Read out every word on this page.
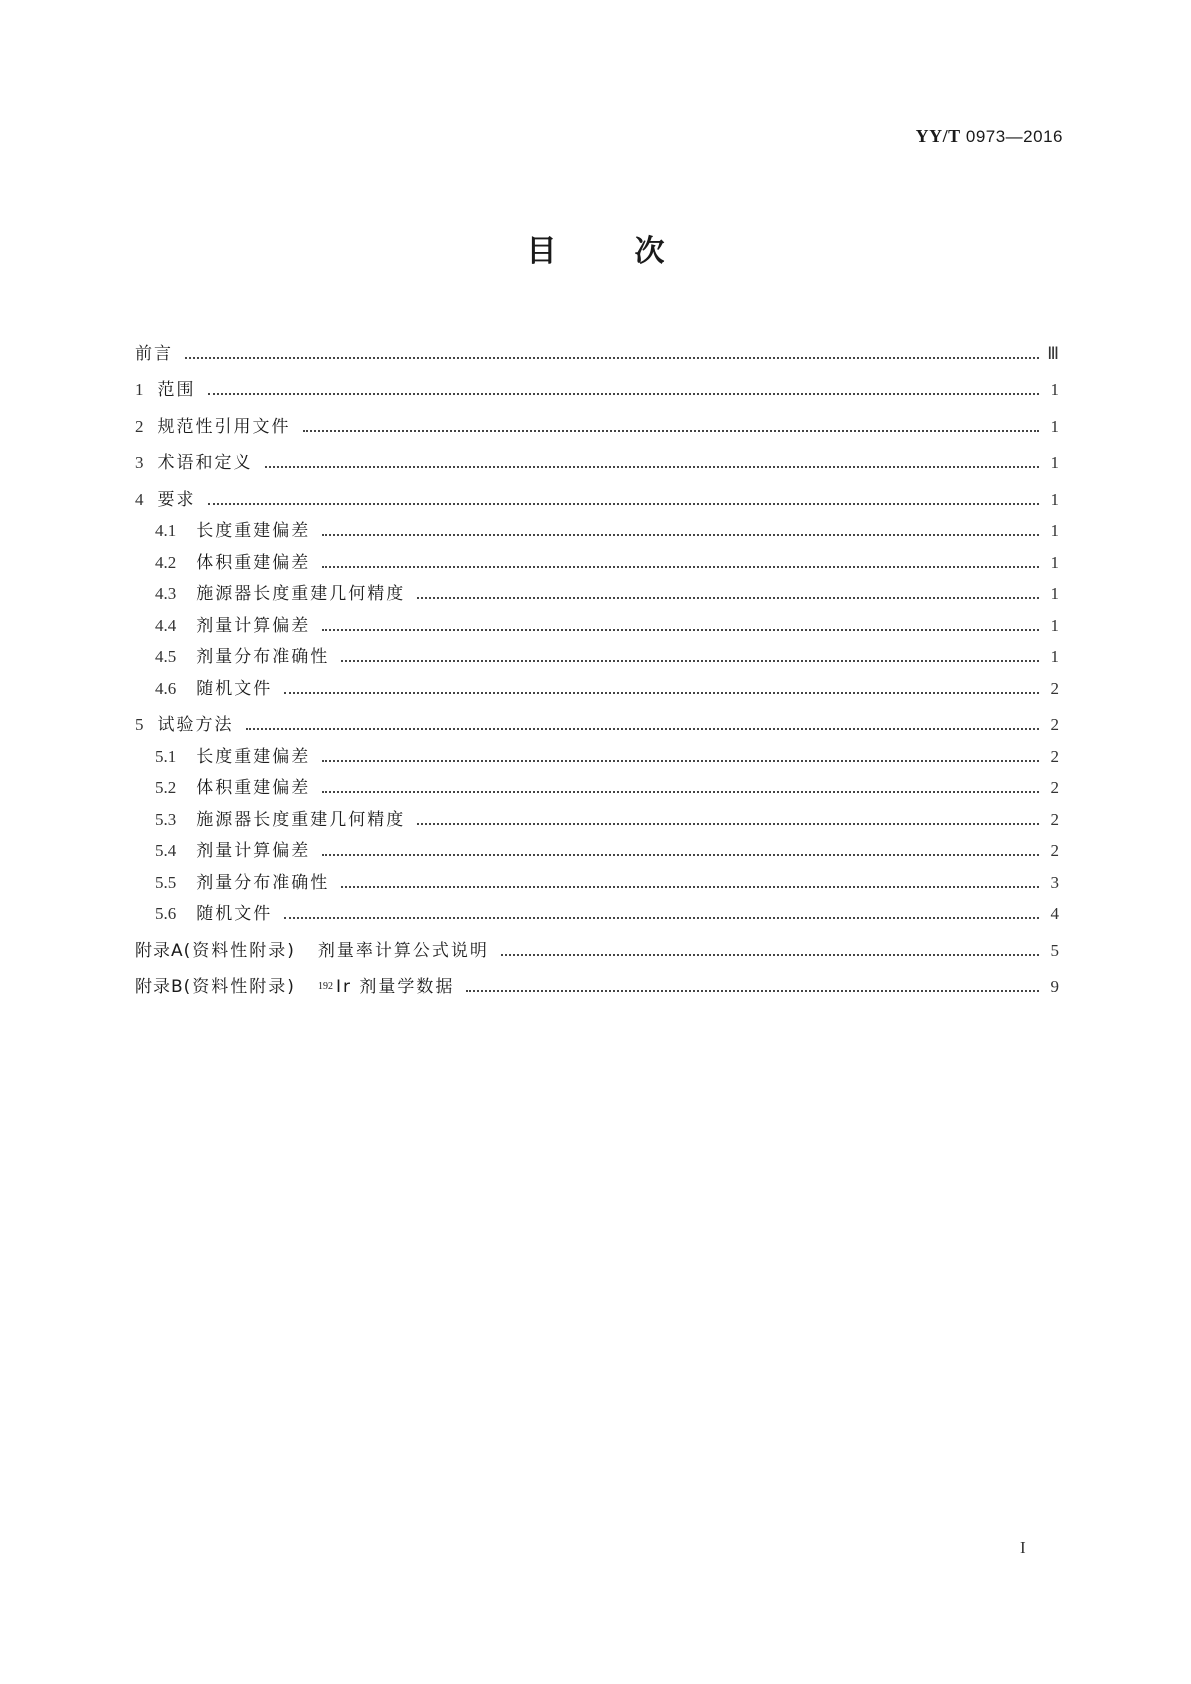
YY/T 0973—2016
目	次
前言	Ⅲ
1 范围	1
2 规范性引用文件	1
3 术语和定义	1
4 要求	1
4.1 长度重建偏差	1
4.2 体积重建偏差	1
4.3 施源器长度重建几何精度	1
4.4 剂量计算偏差	1
4.5 剂量分布准确性	1
4.6 随机文件	2
5 试验方法	2
5.1 长度重建偏差	2
5.2 体积重建偏差	2
5.3 施源器长度重建几何精度	2
5.4 剂量计算偏差	2
5.5 剂量分布准确性	3
5.6 随机文件	4
附录A (资料性附录) 剂量率计算公式说明	5
附录B (资料性附录) 192 Ir 剂量学数据	9
I
